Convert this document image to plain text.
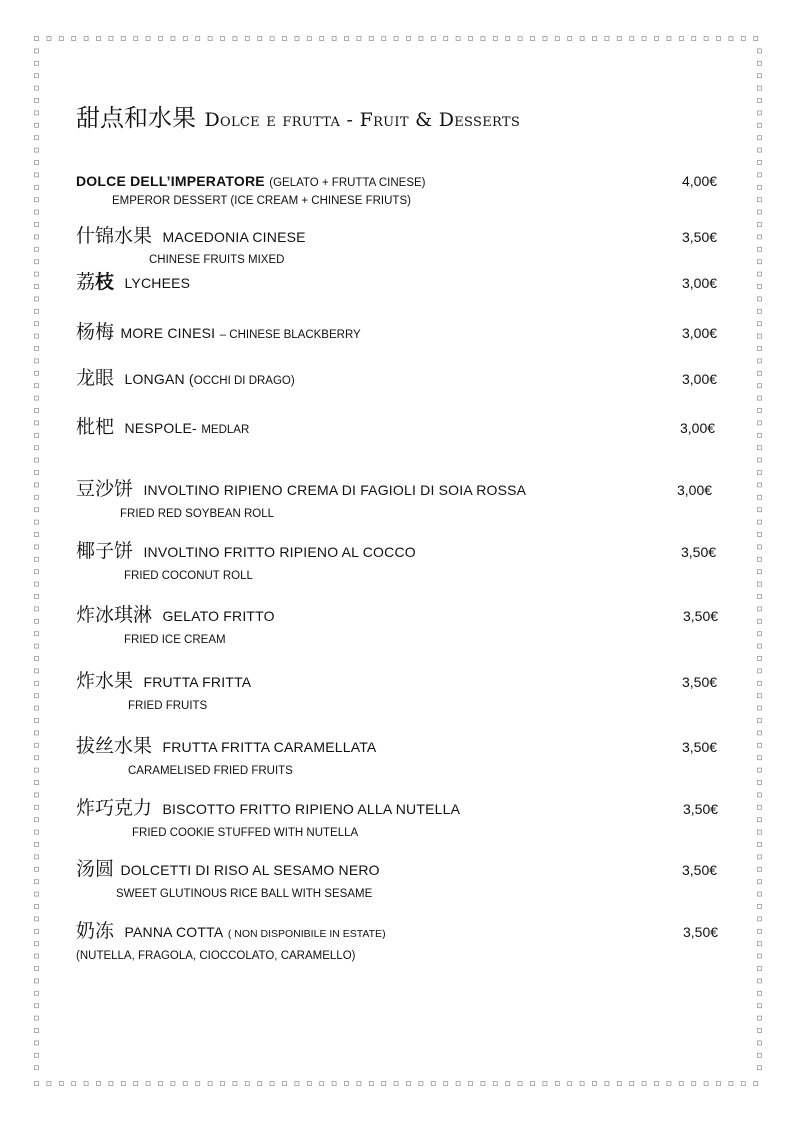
甜点和水果 Dolce e frutta - Fruit & Desserts
DOLCE DELL’IMPERATORE (GELATO + FRUTTA CINESE)	4,00€
EMPEROR DESSERT (ICE CREAM + CHINESE FRIUTS)
什锦水果 MACEDONIA CINESE	3,50€
CHINESE FRUITS MIXED
荔枝 LYCHEES	3,00€
杨梅 MORE CINESI – CHINESE BLACKBERRY	3,00€
龙眼 LONGAN (OCCHI DI DRAGO)	3,00€
枇杷 NESPOLE- MEDLAR	3,00€
豆沙饼 INVOLTINO RIPIENO CREMA DI FAGIOLI DI SOIA ROSSA	3,00€
FRIED RED SOYBEAN ROLL
椰子饼 INVOLTINO FRITTO RIPIENO AL COCCO	3,50€
FRIED COCONUT ROLL
炸冰琪淋 GELATO FRITTO	3,50€
FRIED ICE CREAM
炸水果 FRUTTA FRITTA	3,50€
FRIED FRUITS
拔丝水果 FRUTTA FRITTA CARAMELLATA	3,50€
CARAMELISED FRIED FRUITS
炸巧克力 BISCOTTO FRITTO RIPIENO ALLA NUTELLA	3,50€
FRIED COOKIE STUFFED WITH NUTELLA
汤圆 DOLCETTI DI RISO AL SESAMO NERO	3,50€
SWEET GLUTINOUS RICE BALL WITH SESAME
奶冻 PANNA COTTA ( NON DISPONIBILE IN ESTATE)	3,50€
(NUTELLA, FRAGOLA, CIOCCOLATO, CARAMELLO)
